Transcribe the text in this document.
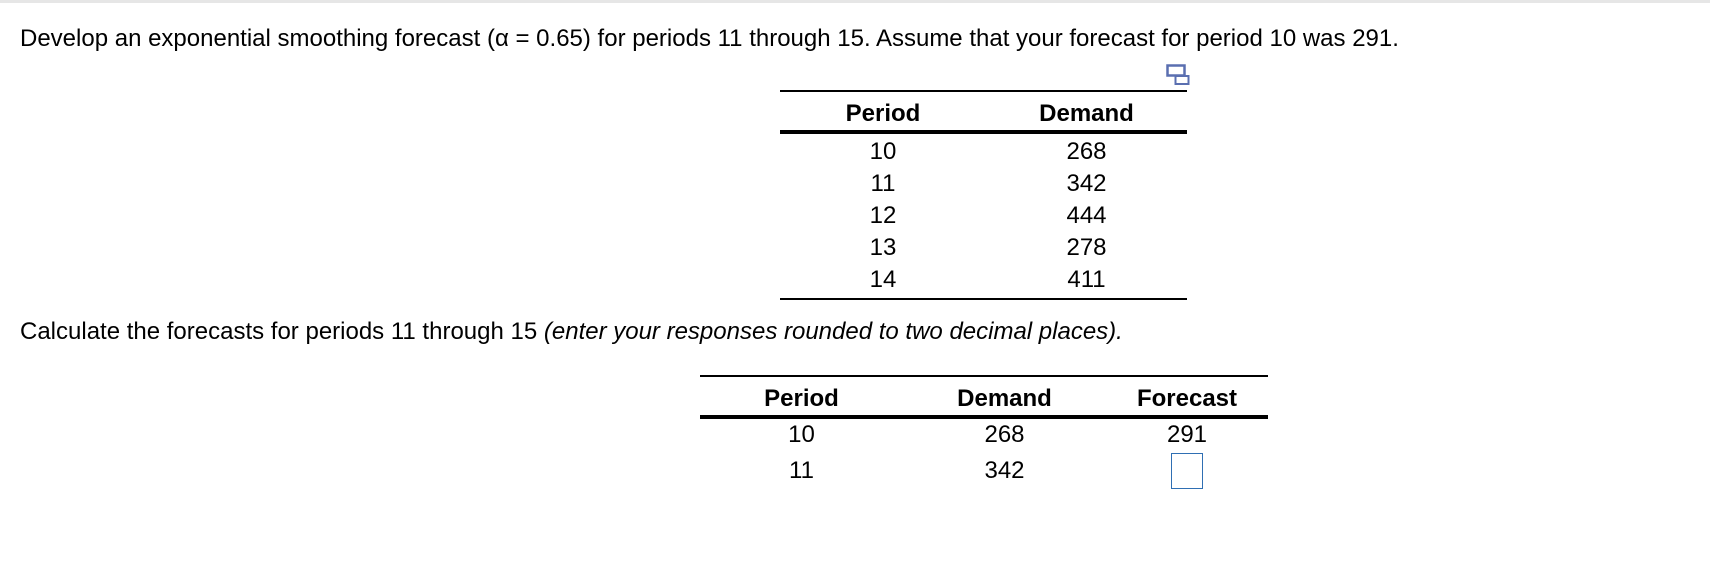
Develop an exponential smoothing forecast (α = 0.65) for periods 11 through 15. Assume that your forecast for period 10 was 291.
Period	Demand
10	268
11	342
12	444
13	278
14	411
Calculate the forecasts for periods 11 through 15 (enter your responses rounded to two decimal places).
Period	Demand	Forecast
10	268	291
11	342	
